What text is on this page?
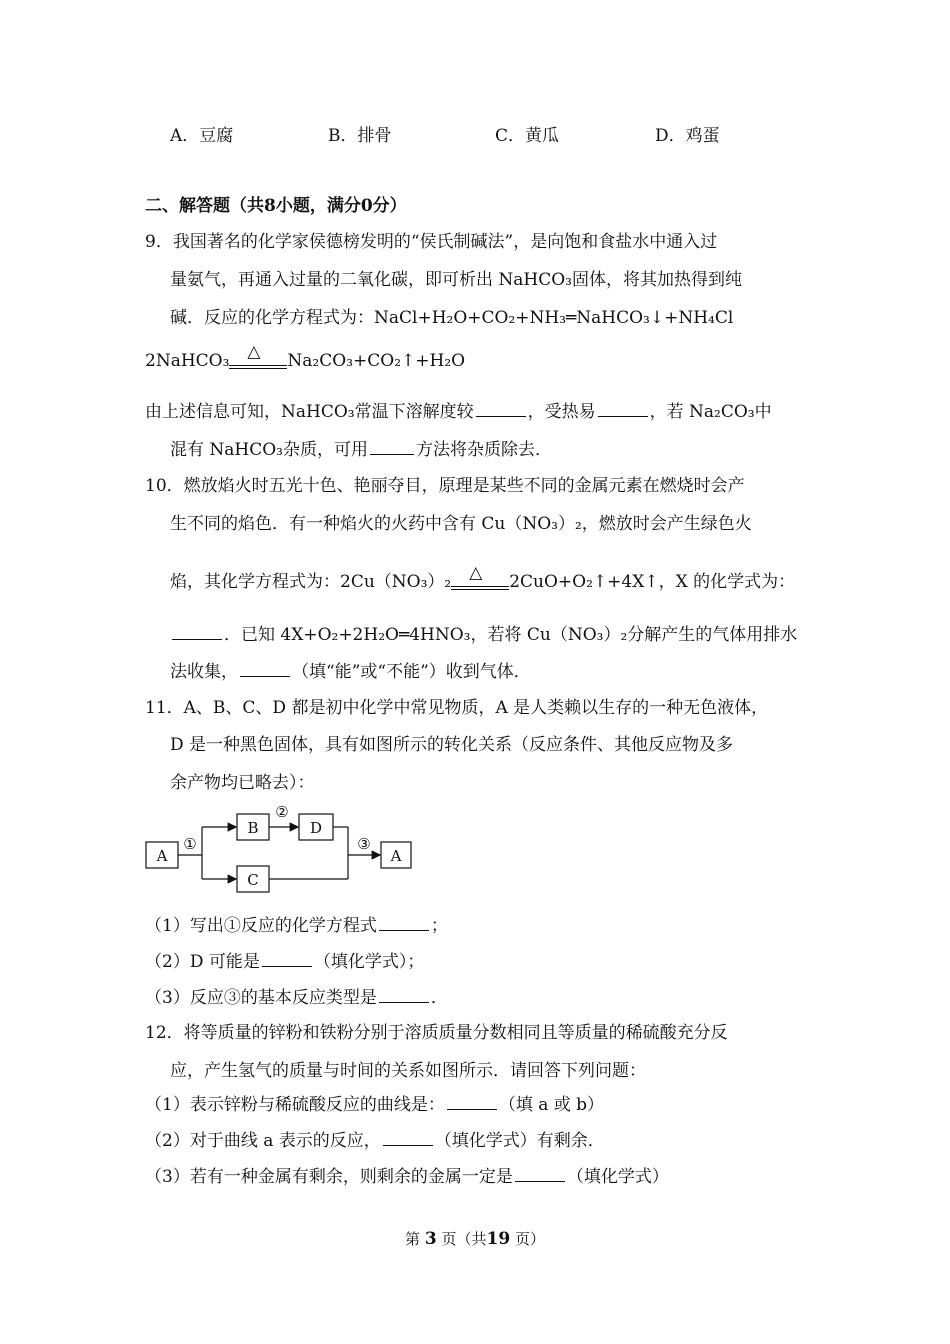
A．豆腐	B．排骨	C．黄瓜	D．鸡蛋
二、解答题（共8小题，满分0分）
9．我国著名的化学家侯德榜发明的“侯氏制碱法”，是向饱和食盐水中通入过
量氨气，再通入过量的二氧化碳，即可析出 NaHCO₃固体，将其加热得到纯
碱．反应的化学方程式为：NaCl+H₂O+CO₂+NH₃═NaHCO₃↓+NH₄Cl
2NaHCO₃ △ Na₂CO₃+CO₂↑+H₂O
由上述信息可知，NaHCO₃常温下溶解度较	，受热易	，若 Na₂CO₃中
混有 NaHCO₃杂质，可用	方法将杂质除去．
10．燃放焰火时五光十色、艳丽夺目，原理是某些不同的金属元素在燃烧时会产
生不同的焰色．有一种焰火的火药中含有 Cu（NO₃）₂，燃放时会产生绿色火
焰，其化学方程式为：2Cu（NO₃）₂ △ 2CuO+O₂↑+4X↑，X 的化学式为：
．已知 4X+O₂+2H₂O═4HNO₃，若将 Cu（NO₃）₂分解产生的气体用排水
法收集，	（填“能”或“不能”）收到气体．
11．A、B、C、D 都是初中化学中常见物质，A 是人类赖以生存的一种无色液体，
D 是一种黑色固体，具有如图所示的转化关系（反应条件、其他反应物及多
余产物均已略去）：
A
B	D
C
A
①
②
③
（1）写出①反应的化学方程式	；
（2）D 可能是	（填化学式）；
（3）反应③的基本反应类型是	．
12．将等质量的锌粉和铁粉分别于溶质质量分数相同且等质量的稀硫酸充分反
应，产生氢气的质量与时间的关系如图所示．请回答下列问题：
（1）表示锌粉与稀硫酸反应的曲线是：	（填 a 或 b）
（2）对于曲线 a 表示的反应，	（填化学式）有剩余．
（3）若有一种金属有剩余，则剩余的金属一定是	（填化学式）
第 3 页（共19 页）
